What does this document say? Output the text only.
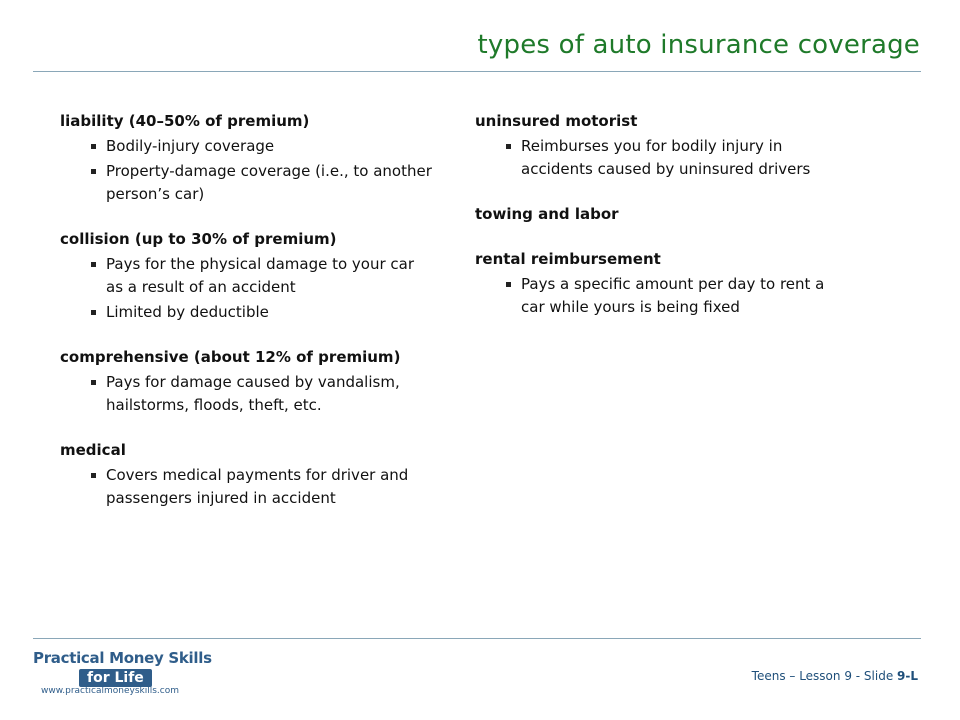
types of auto insurance coverage
liability (40–50% of premium)
Bodily-injury coverage
Property-damage coverage (i.e., to another person’s car)
collision (up to 30% of premium)
Pays for the physical damage to your car as a result of an accident
Limited by deductible
comprehensive (about 12% of premium)
Pays for damage caused by vandalism, hailstorms, floods, theft, etc.
medical
Covers medical payments for driver and passengers injured in accident
uninsured motorist
Reimburses you for bodily injury in accidents caused by uninsured drivers
towing and labor
rental reimbursement
Pays a specific amount per day to rent a car while yours is being fixed
Practical Money Skills
for Life
www.practicalmoneyskills.com
Teens – Lesson 9 - Slide 9-L
